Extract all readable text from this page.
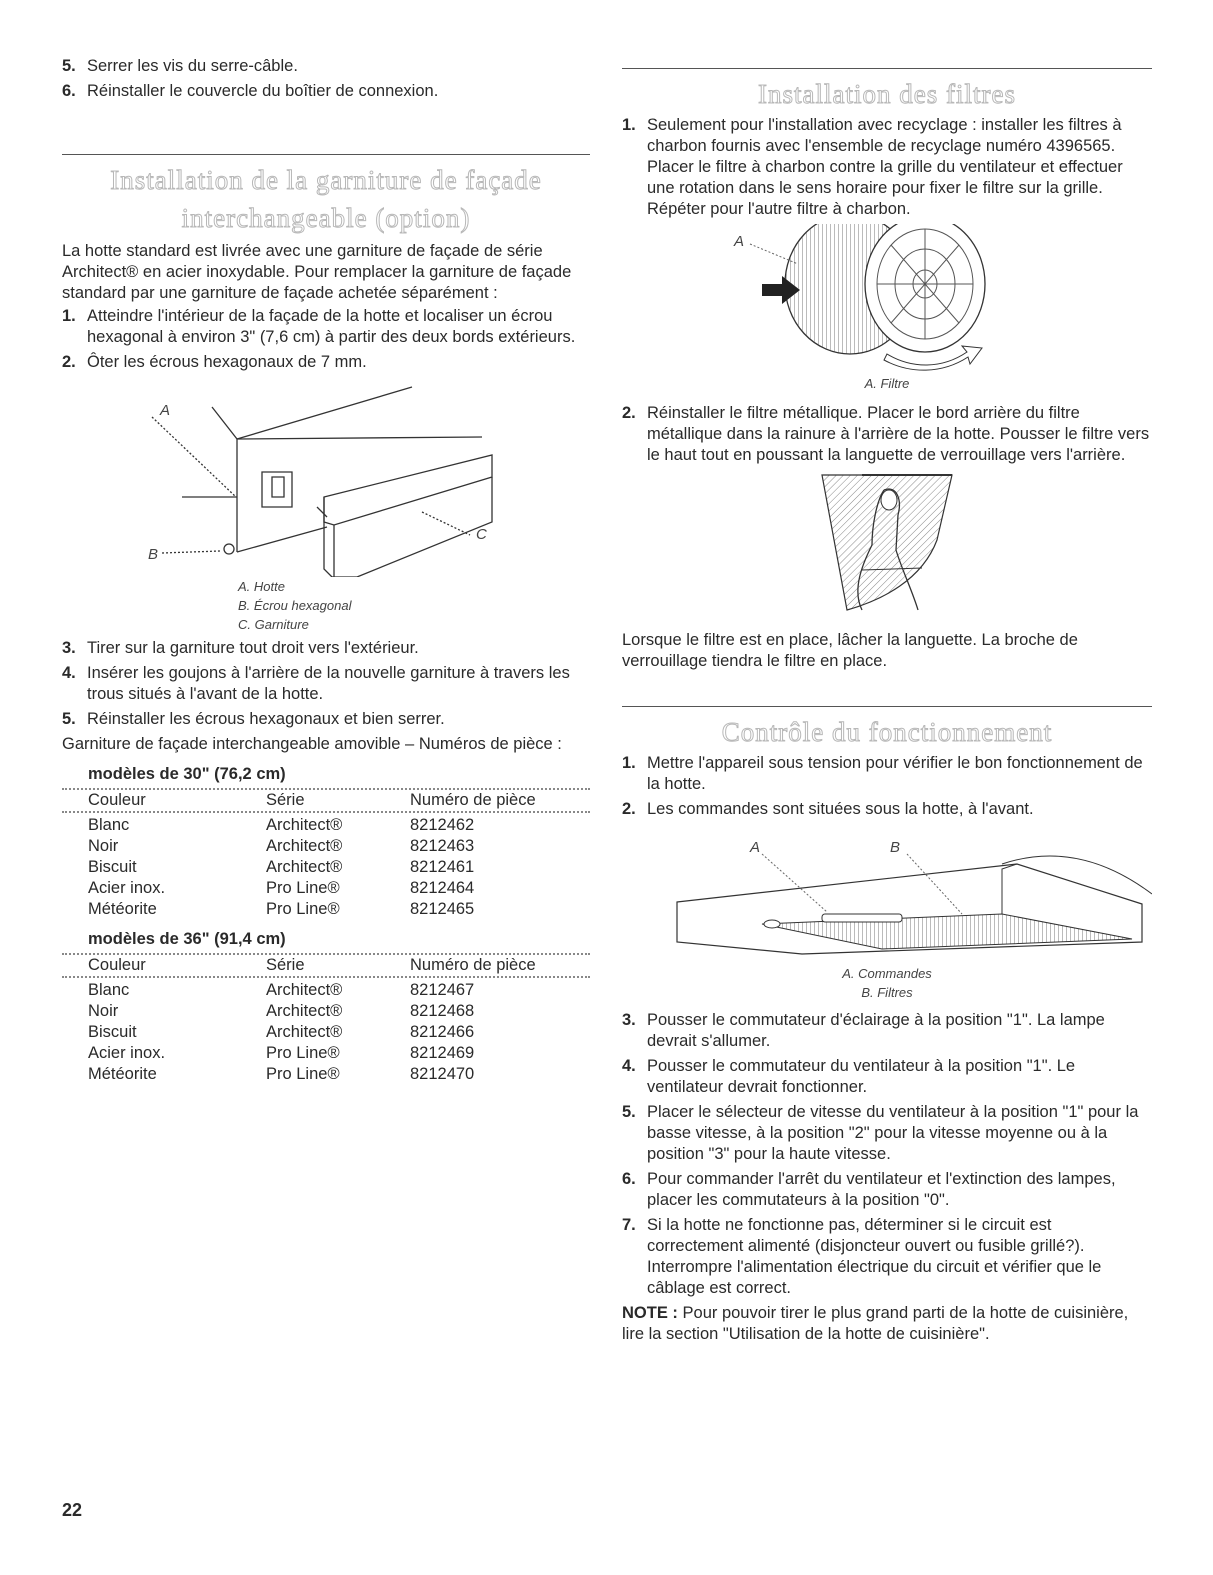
5. Serrer les vis du serre-câble.
6. Réinstaller le couvercle du boîtier de connexion.
Installation de la garniture de façade
interchangeable (option)

La hotte standard est livrée avec une garniture de façade de série Architect® en acier inoxydable. Pour remplacer la garniture de façade standard par une garniture de façade achetée séparément :

1. Atteindre l'intérieur de la façade de la hotte et localiser un écrou hexagonal à environ 3" (7,6 cm) à partir des deux bords extérieurs.
2. Ôter les écrous hexagonaux de 7 mm.
A
B
C
A. Hotte
B. Écrou hexagonal
C. Garniture
3. Tirer sur la garniture tout droit vers l'extérieur.
4. Insérer les goujons à l'arrière de la nouvelle garniture à travers les trous situés à l'avant de la hotte.
5. Réinstaller les écrous hexagonaux et bien serrer.

Garniture de façade interchangeable amovible – Numéros de pièce :

modèles de 30" (76,2 cm)
Couleur	Série	Numéro de pièce
Blanc	Architect®	8212462
Noir	Architect®	8212463
Biscuit	Architect®	8212461
Acier inox.	Pro Line®	8212464
Météorite	Pro Line®	8212465
modèles de 36" (91,4 cm)
Couleur	Série	Numéro de pièce
Blanc	Architect®	8212467
Noir	Architect®	8212468
Biscuit	Architect®	8212466
Acier inox.	Pro Line®	8212469
Météorite	Pro Line®	8212470
Installation des filtres
1. Seulement pour l'installation avec recyclage : installer les filtres à charbon fournis avec l'ensemble de recyclage numéro 4396565. Placer le filtre à charbon contre la grille du ventilateur et effectuer une rotation dans le sens horaire pour fixer le filtre sur la grille. Répéter pour l'autre filtre à charbon.
A
A. Filtre
2. Réinstaller le filtre métallique. Placer le bord arrière du filtre métallique dans la rainure à l'arrière de la hotte. Pousser le filtre vers le haut tout en poussant la languette de verrouillage vers l'arrière.

Lorsque le filtre est en place, lâcher la languette. La broche de verrouillage tiendra le filtre en place.

Contrôle du fonctionnement
1. Mettre l'appareil sous tension pour vérifier le bon fonctionnement de la hotte.
2. Les commandes sont situées sous la hotte, à l'avant.
A	B
A. Commandes
B. Filtres
3. Pousser le commutateur d'éclairage à la position "1". La lampe devrait s'allumer.
4. Pousser le commutateur du ventilateur à la position "1". Le ventilateur devrait fonctionner.
5. Placer le sélecteur de vitesse du ventilateur à la position "1" pour la basse vitesse, à la position "2" pour la vitesse moyenne ou à la position "3" pour la haute vitesse.
6. Pour commander l'arrêt du ventilateur et l'extinction des lampes, placer les commutateurs à la position "0".
7. Si la hotte ne fonctionne pas, déterminer si le circuit est correctement alimenté (disjoncteur ouvert ou fusible grillé?). Interrompre l'alimentation électrique du circuit et vérifier que le câblage est correct.

NOTE : Pour pouvoir tirer le plus grand parti de la hotte de cuisinière, lire la section "Utilisation de la hotte de cuisinière".

22
